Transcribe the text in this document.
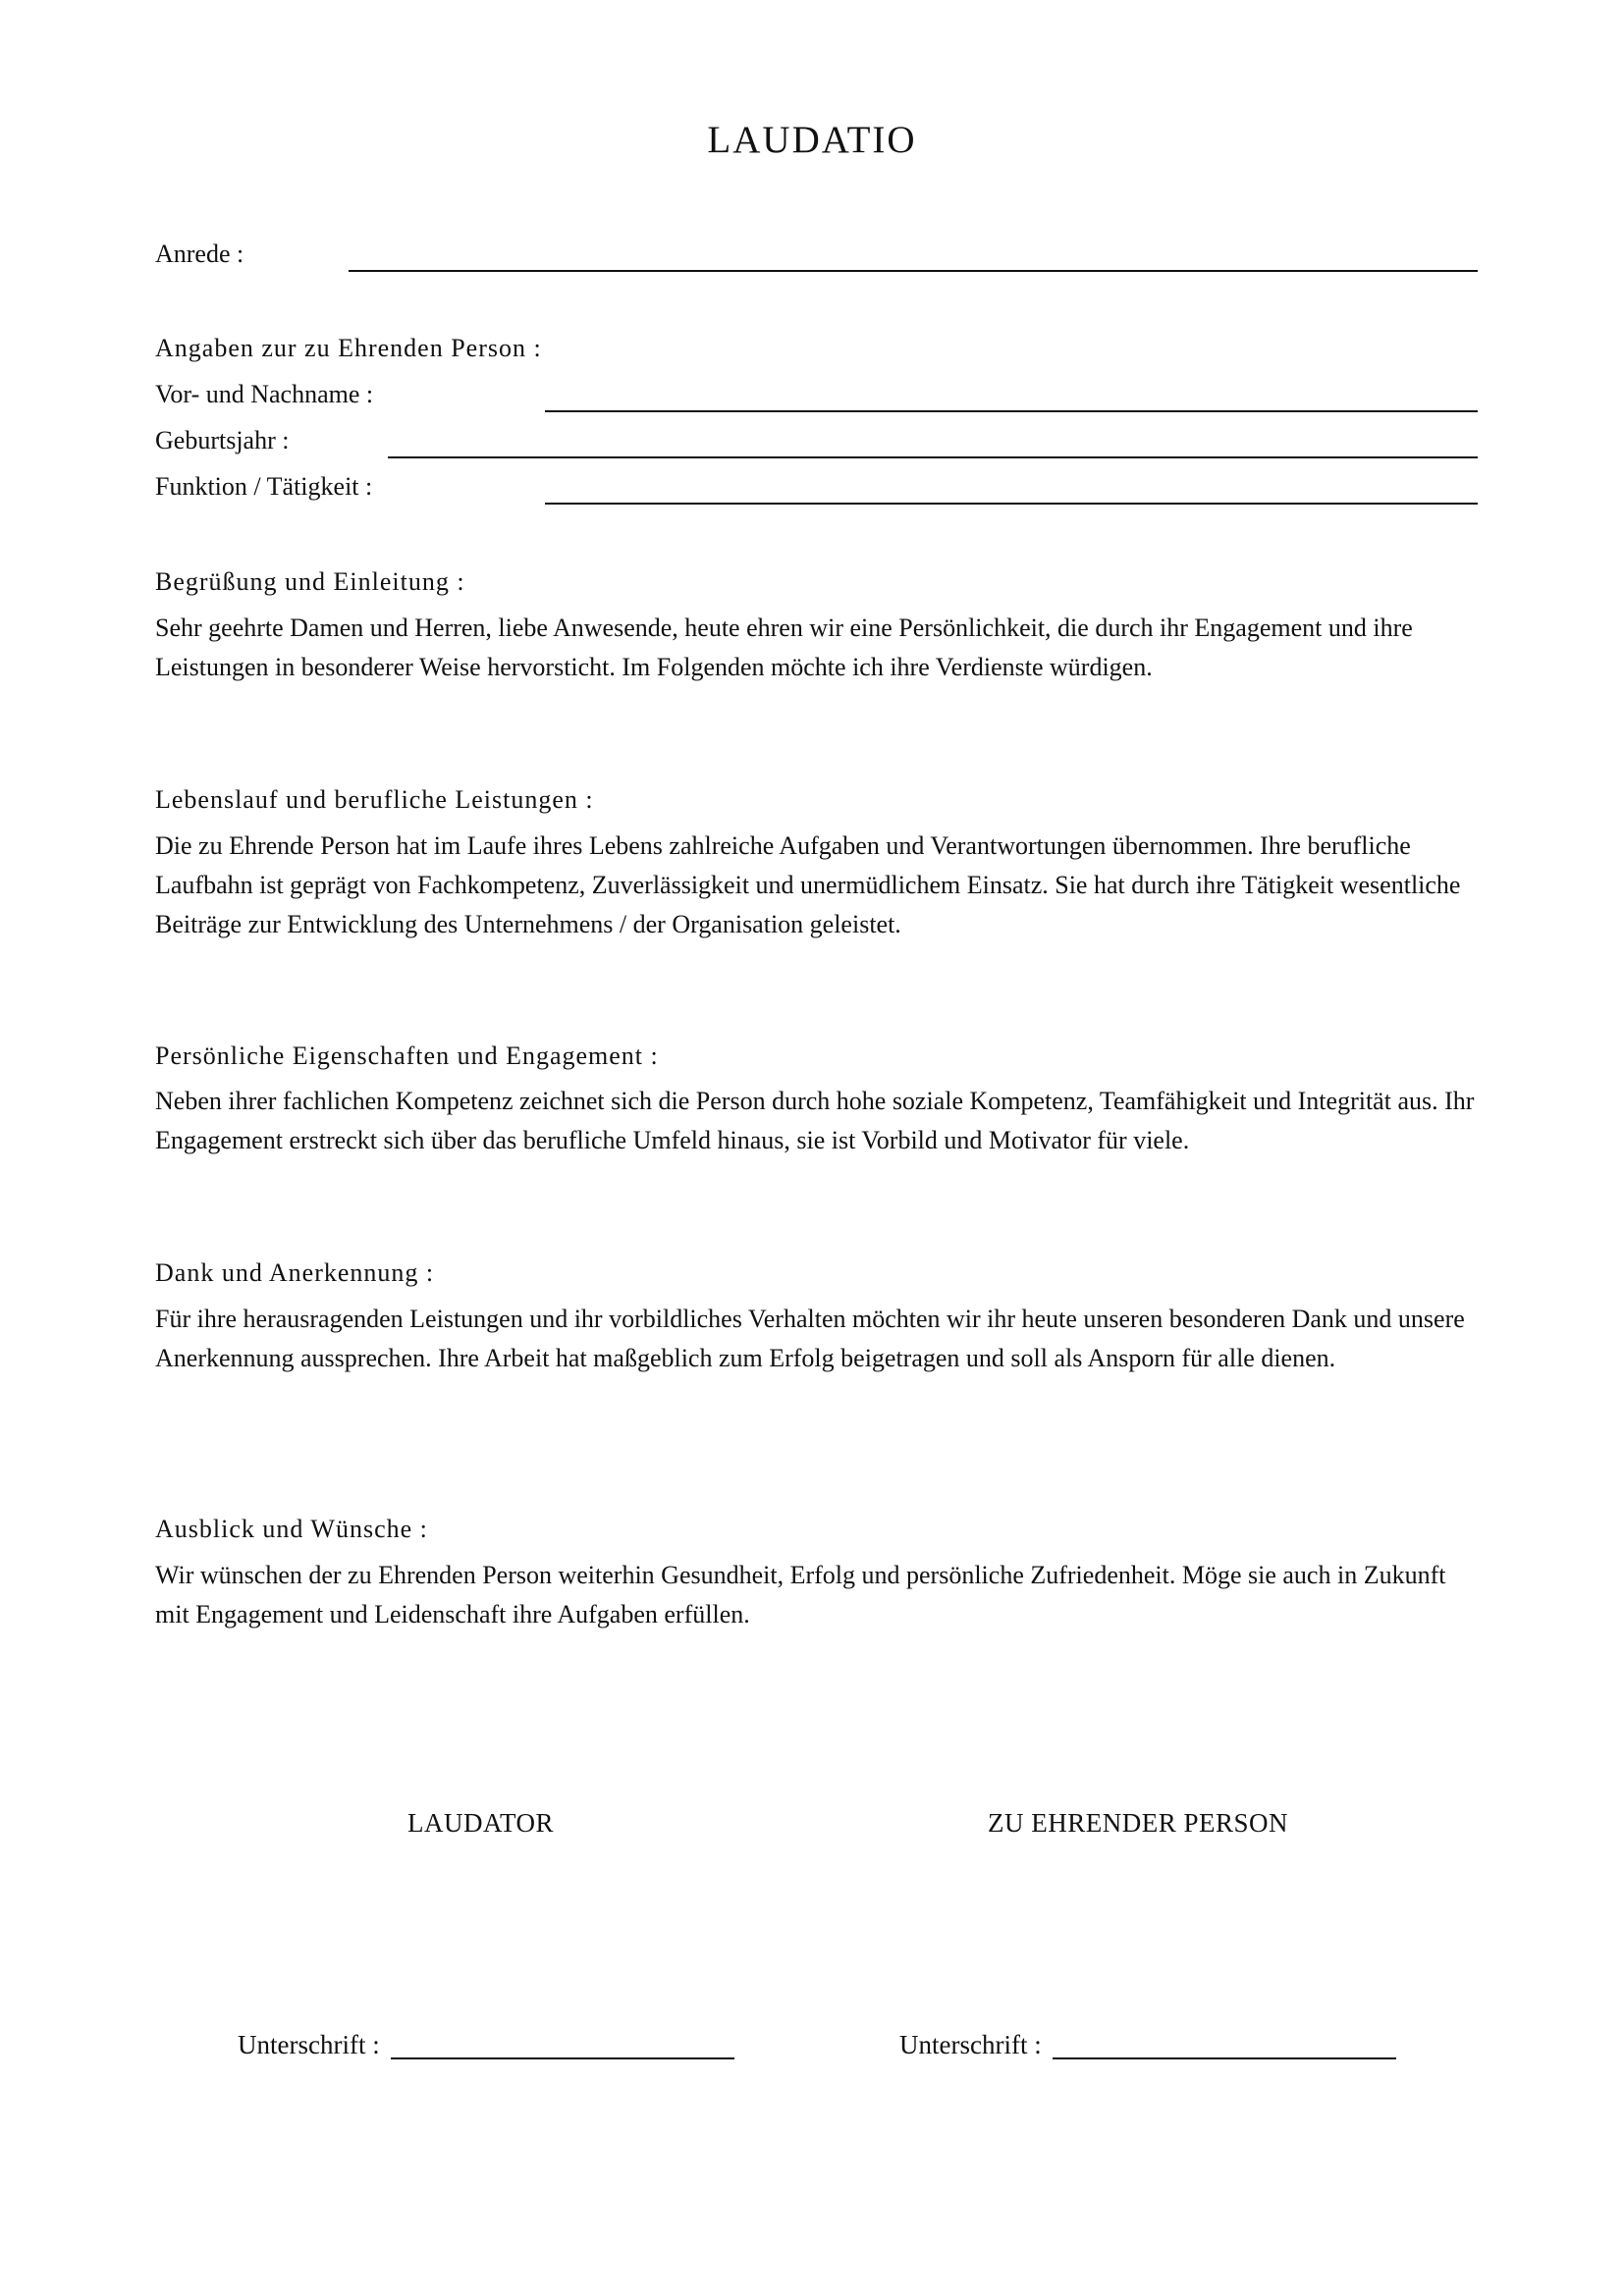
LAUDATIO
Anrede :
Angaben zur zu Ehrenden Person :
Vor- und Nachname :
Geburtsjahr :
Funktion / Tätigkeit :
Begrüßung und Einleitung :
Sehr geehrte Damen und Herren, liebe Anwesende, heute ehren wir eine Persönlichkeit, die durch ihr Engagement und ihre Leistungen in besonderer Weise hervorsticht. Im Folgenden möchte ich ihre Verdienste würdigen.
Lebenslauf und berufliche Leistungen :
Die zu Ehrende Person hat im Laufe ihres Lebens zahlreiche Aufgaben und Verantwortungen übernommen. Ihre berufliche Laufbahn ist geprägt von Fachkompetenz, Zuverlässigkeit und unermüdlichem Einsatz. Sie hat durch ihre Tätigkeit wesentliche Beiträge zur Entwicklung des Unternehmens / der Organisation geleistet.
Persönliche Eigenschaften und Engagement :
Neben ihrer fachlichen Kompetenz zeichnet sich die Person durch hohe soziale Kompetenz, Teamfähigkeit und Integrität aus. Ihr Engagement erstreckt sich über das berufliche Umfeld hinaus, sie ist Vorbild und Motivator für viele.
Dank und Anerkennung :
Für ihre herausragenden Leistungen und ihr vorbildliches Verhalten möchten wir ihr heute unseren besonderen Dank und unsere Anerkennung aussprechen. Ihre Arbeit hat maßgeblich zum Erfolg beigetragen und soll als Ansporn für alle dienen.
Ausblick und Wünsche :
Wir wünschen der zu Ehrenden Person weiterhin Gesundheit, Erfolg und persönliche Zufriedenheit. Möge sie auch in Zukunft mit Engagement und Leidenschaft ihre Aufgaben erfüllen.
LAUDATOR	ZU EHRENDER PERSON
Unterschrift :	Unterschrift :
